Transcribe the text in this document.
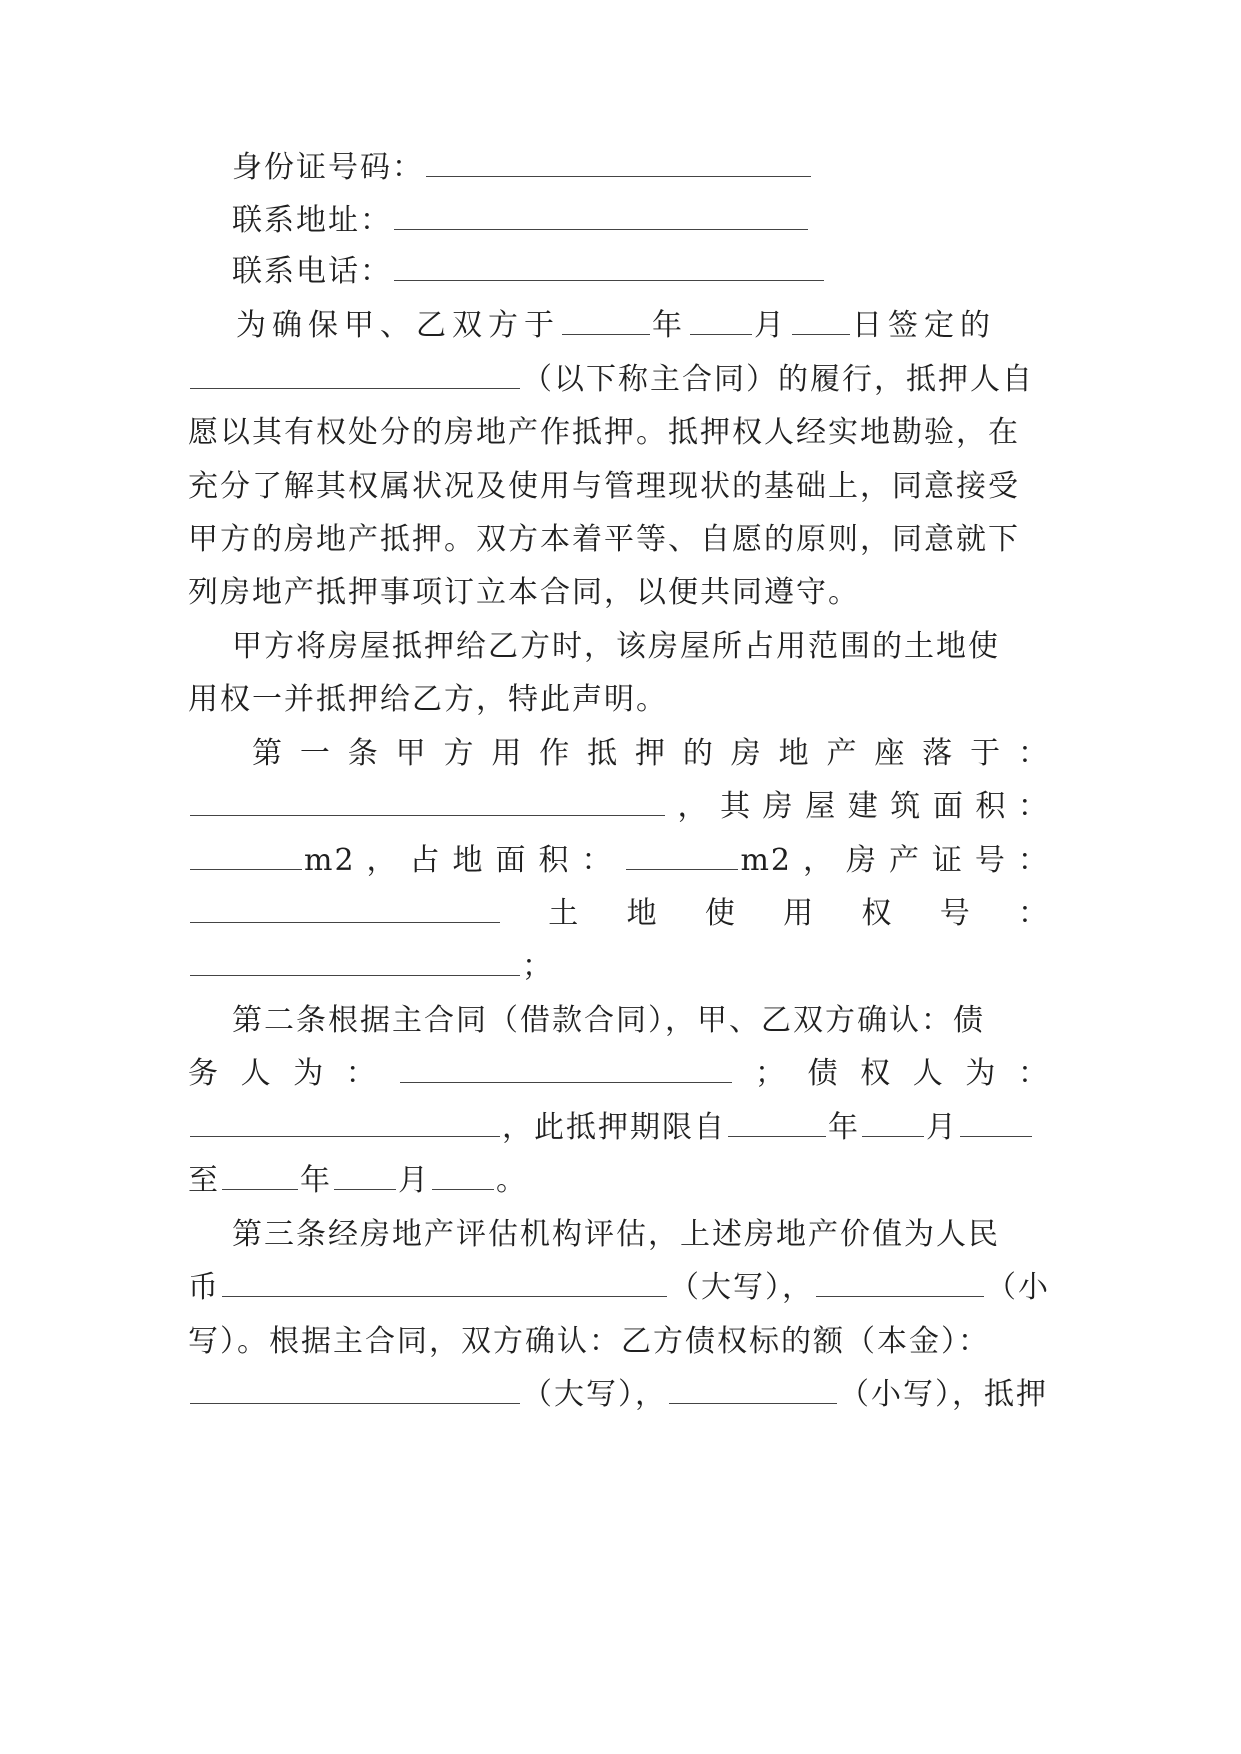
身份证号码：
联系地址：
联系电话：
为确保甲、乙双方于	年 月 日签定的
（以下称主合同）的履行，抵押人自
愿以其有权处分的房地产作抵押。抵押权人经实地勘验，在
充分了解其权属状况及使用与管理现状的基础上，同意接受
甲方的房地产抵押。双方本着平等、自愿的原则，同意就下
列房地产抵押事项订立本合同，以便共同遵守。
甲方将房屋抵押给乙方时，该房屋所占用范围的土地使
用权一并抵押给乙方，特此声明。
第 一 条 甲 方 用 作 抵 押 的 房 地 产 座 落 于 ：
， 其 房 屋 建 筑 面 积 ：
m2 ， 占 地 面 积 ：	m2 ， 房 产 证 号 ：
土 地 使 用 权 号 ：
；
第二条根据主合同（借款合同），甲、乙双方确认：债
务 人 为 ：	； 债 权 人 为 ：
，此抵押期限自	年 月
至	年 月 。
第三条经房地产评估机构评估，上述房地产价值为人民
币	（大写），	（小
写）。根据主合同，双方确认：乙方债权标的额（本金）：
（大写），	（小写），抵押
